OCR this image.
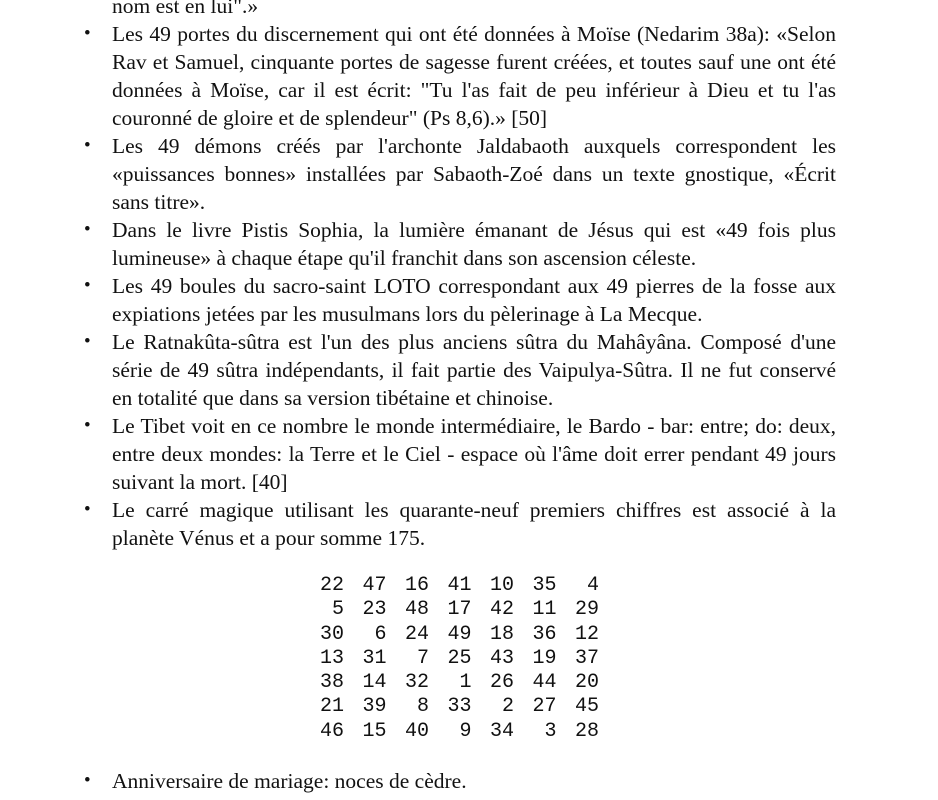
nom est en lui".»
• Les 49 portes du discernement qui ont été données à Moïse (Nedarim 38a): «Selon Rav et Samuel, cinquante portes de sagesse furent créées, et toutes sauf une ont été données à Moïse, car il est écrit: "Tu l'as fait de peu inférieur à Dieu et tu l'as couronné de gloire et de splendeur" (Ps 8,6).» [50]
• Les 49 démons créés par l'archonte Jaldabaoth auxquels correspondent les «puissances bonnes» installées par Sabaoth-Zoé dans un texte gnostique, «Écrit sans titre».
• Dans le livre Pistis Sophia, la lumière émanant de Jésus qui est «49 fois plus lumineuse» à chaque étape qu'il franchit dans son ascension céleste.
• Les 49 boules du sacro-saint LOTO correspondant aux 49 pierres de la fosse aux expiations jetées par les musulmans lors du pèlerinage à La Mecque.
• Le Ratnakûta-sûtra est l'un des plus anciens sûtra du Mahâyâna. Composé d'une série de 49 sûtra indépendants, il fait partie des Vaipulya-Sûtra. Il ne fut conservé en totalité que dans sa version tibétaine et chinoise.
• Le Tibet voit en ce nombre le monde intermédiaire, le Bardo - bar: entre; do: deux, entre deux mondes: la Terre et le Ciel - espace où l'âme doit errer pendant 49 jours suivant la mort. [40]
• Le carré magique utilisant les quarante-neuf premiers chiffres est associé à la planète Vénus et a pour somme 175.
22	47	16	41	10	35	4
5	23	48	17	42	11	29
30	6	24	49	18	36	12
13	31	7	25	43	19	37
38	14	32	1	26	44	20
21	39	8	33	2	27	45
46	15	40	9	34	3	28
• Anniversaire de mariage: noces de cèdre.
